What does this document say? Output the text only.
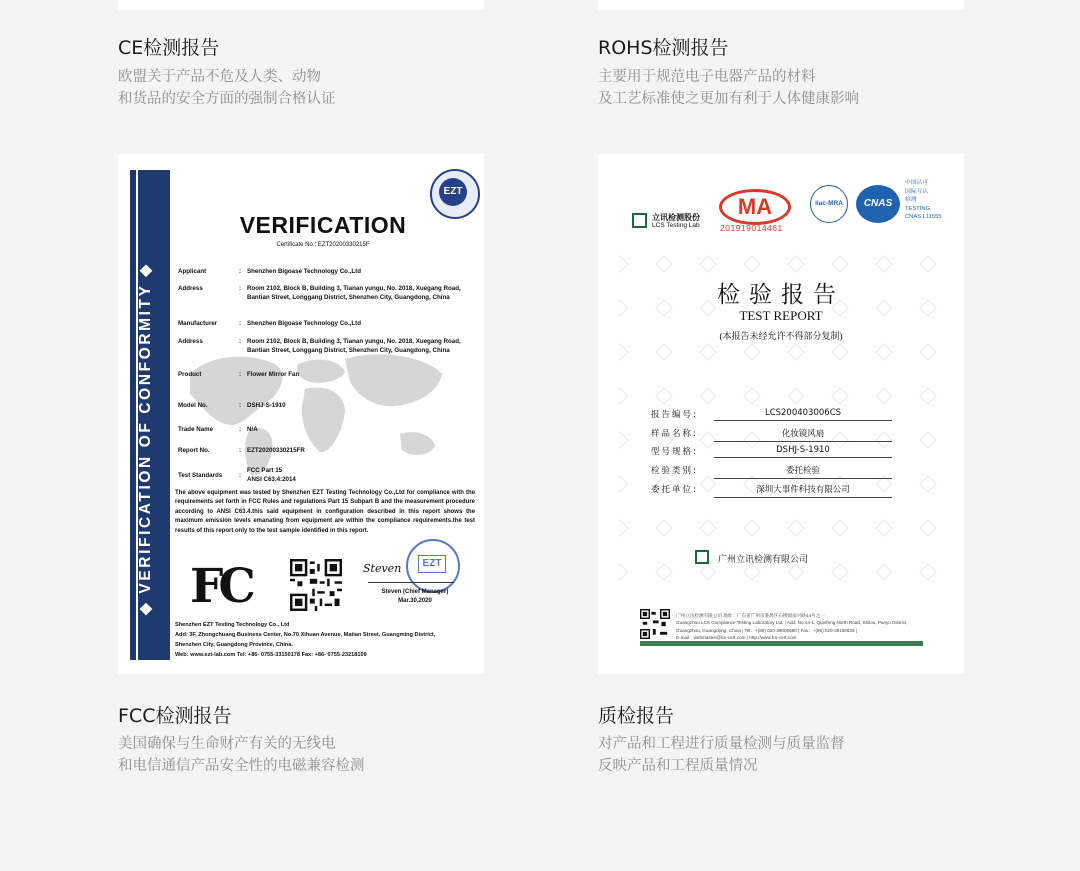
CE检测报告
欧盟关于产品不危及人类、动物
和货品的安全方面的强制合格认证
ROHS检测报告
主要用于规范电子电器产品的材料
及工艺标准使之更加有利于人体健康影响
◆ VERIFICATION OF CONFORMITY ◆
EZT
VERIFICATION
Certificate No.: EZT20200330215F
Applicant	: Shenzhen Bigoase Technology Co.,Ltd
Address	: Room 2102, Block B, Building 3, Tianan yungu, No. 2018, Xuegang Road, Bantian Street, Longgang District, Shenzhen City, Guangdong, China
Manufacturer	: Shenzhen Bigoase Technology Co.,Ltd
Address	: Room 2102, Block B, Building 3, Tianan yungu, No. 2018, Xuegang Road, Bantian Street, Longgang District, Shenzhen City, Guangdong, China
Product	: Flower Mirror Fan
Model No.	: DSHJ-S-1910
Trade Name	: N/A
Report No.	: EZT20200330215FR
Test Standards	:
FCC Part 15
ANSI C63.4:2014
The above equipment was tested by Shenzhen EZT Testing Technology Co.,Ltd for compliance with the requirements set forth in FCC Rules and regulations Part 15 Subpart B and the measurement procedure according to ANSI C63.4.this said equipment in configuration described in this report shows the maximum emission levels emanating from equipment are within the compliance requirements.the test results of this report only to the test sample identified in this report.
FC	EZT
Steven
Steven (Chief Manager)
Mar.30,2020
Shenzhen EZT Testing Technology Co., Ltd
Add: 3F, Zhongchuang Business Center, No.70 Xihuan Avenue, Matian Street, Guangming District,
Shenzhen City, Guangdong Province, China.
Web: www.ezt-lab.com Tel: +86- 0755-33150178 Fax: +86- 0755-23218109
立讯检测股份
LCS Testing Lab
MA
201919014461
ilac-MRA	CNAS
中国认可
国际互认
检测
TESTING
CNAS L11555
检验报告
TEST REPORT
(本报告未经允许不得部分复制)
报告编号:	LCS200403006CS
样品名称:	化妆镜风扇
型号规格:	DSHJ-S-1910
检验类别:	委托检验
委托单位:	深圳大事件科技有限公司
广州立讯检测有限公司
广州立讯检测有限公司 地址：广东省广州市番禺区石楼镇南兴路44号之一
Guangzhou LCS Compliance Testing Laboratory Ltd. | Add: No.44-1, Qianfeng North Road, Shilou, Panyu District,
Guangzhou, Guangdong, China | Tel：+(86) 020-39006680 | Fax：+(86) 020-39166639 |
E-mail：webmaster@lcs-cert.com | http://www.lcs-cert.com
FCC检测报告
美国确保与生命财产有关的无线电
和电信通信产品安全性的电磁兼容检测
质检报告
对产品和工程进行质量检测与质量监督
反映产品和工程质量情况
